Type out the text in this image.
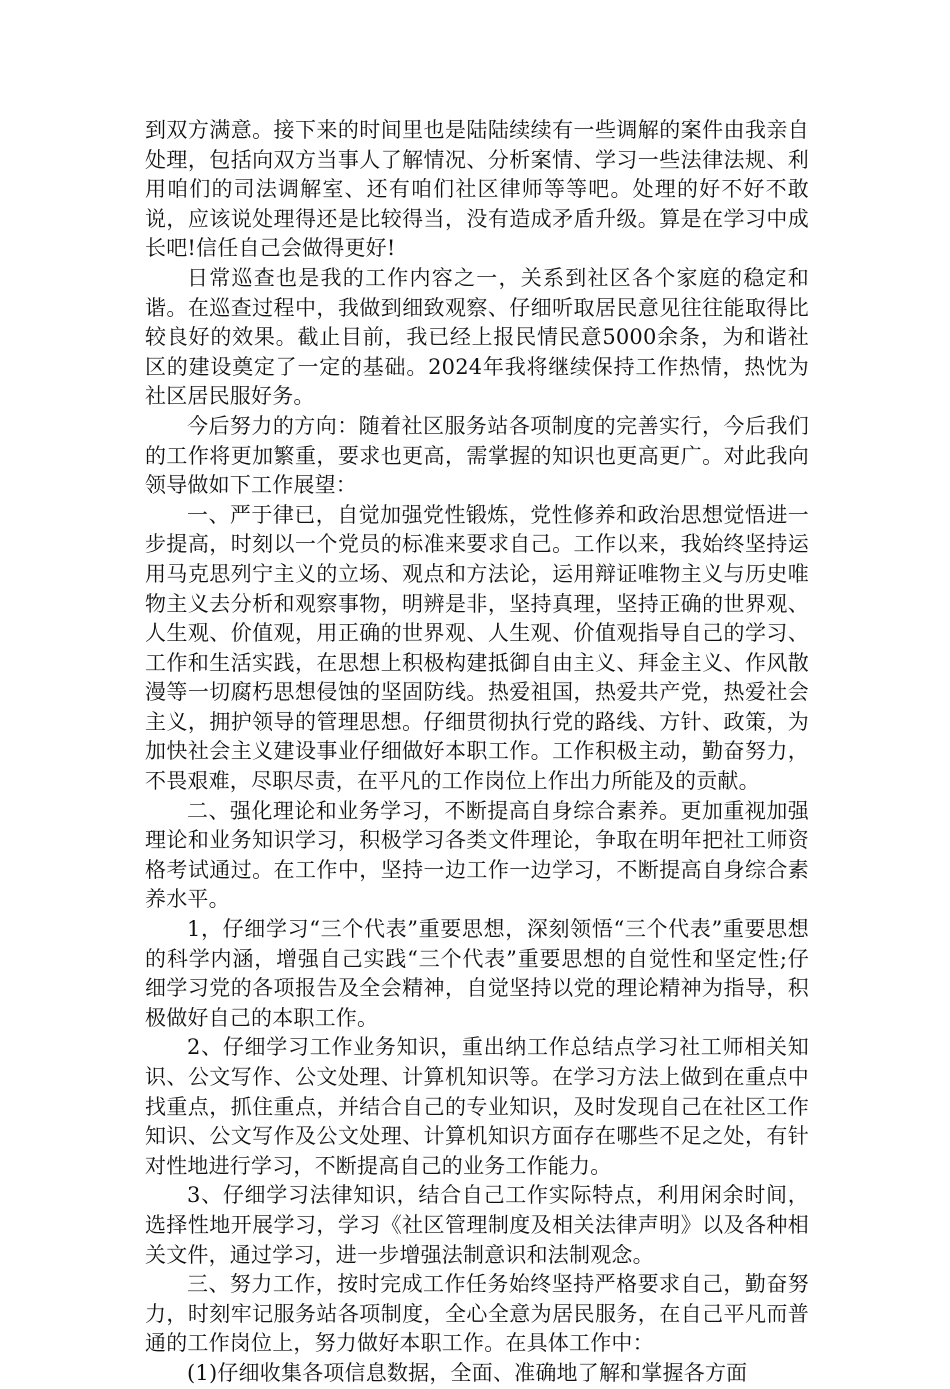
到双方满意。接下来的时间里也是陆陆续续有一些调解的案件由我亲自处理，包括向双方当事人了解情况、分析案情、学习一些法律法规、利用咱们的司法调解室、还有咱们社区律师等等吧。处理的好不好不敢说，应该说处理得还是比较得当，没有造成矛盾升级。算是在学习中成长吧!信任自己会做得更好!

日常巡查也是我的工作内容之一，关系到社区各个家庭的稳定和谐。在巡查过程中，我做到细致观察、仔细听取居民意见往往能取得比较良好的效果。截止目前，我已经上报民情民意5000余条，为和谐社区的建设奠定了一定的基础。2024年我将继续保持工作热情，热忱为社区居民服好务。

今后努力的方向：随着社区服务站各项制度的完善实行，今后我们的工作将更加繁重，要求也更高，需掌握的知识也更高更广。对此我向领导做如下工作展望：

一、严于律已，自觉加强党性锻炼，党性修养和政治思想觉悟进一步提高，时刻以一个党员的标准来要求自己。工作以来，我始终坚持运用马克思列宁主义的立场、观点和方法论，运用辩证唯物主义与历史唯物主义去分析和观察事物，明辨是非，坚持真理，坚持正确的世界观、人生观、价值观，用正确的世界观、人生观、价值观指导自己的学习、工作和生活实践，在思想上积极构建抵御自由主义、拜金主义、作风散漫等一切腐朽思想侵蚀的坚固防线。热爱祖国，热爱共产党，热爱社会主义，拥护领导的管理思想。仔细贯彻执行党的路线、方针、政策，为加快社会主义建设事业仔细做好本职工作。工作积极主动，勤奋努力，不畏艰难，尽职尽责，在平凡的工作岗位上作出力所能及的贡献。

二、强化理论和业务学习，不断提高自身综合素养。更加重视加强理论和业务知识学习，积极学习各类文件理论，争取在明年把社工师资格考试通过。在工作中，坚持一边工作一边学习，不断提高自身综合素养水平。

1，仔细学习“三个代表”重要思想，深刻领悟“三个代表”重要思想的科学内涵，增强自己实践“三个代表”重要思想的自觉性和坚定性;仔细学习党的各项报告及全会精神，自觉坚持以党的理论精神为指导，积极做好自己的本职工作。

2、仔细学习工作业务知识，重出纳工作总结点学习社工师相关知识、公文写作、公文处理、计算机知识等。在学习方法上做到在重点中找重点，抓住重点，并结合自己的专业知识，及时发现自己在社区工作知识、公文写作及公文处理、计算机知识方面存在哪些不足之处，有针对性地进行学习，不断提高自己的业务工作能力。

3、仔细学习法律知识，结合自己工作实际特点，利用闲余时间，选择性地开展学习，学习《社区管理制度及相关法律声明》以及各种相关文件，通过学习，进一步增强法制意识和法制观念。

三、努力工作，按时完成工作任务始终坚持严格要求自己，勤奋努力，时刻牢记服务站各项制度，全心全意为居民服务，在自己平凡而普通的工作岗位上，努力做好本职工作。在具体工作中：

(1)仔细收集各项信息数据，全面、准确地了解和掌握各方面
